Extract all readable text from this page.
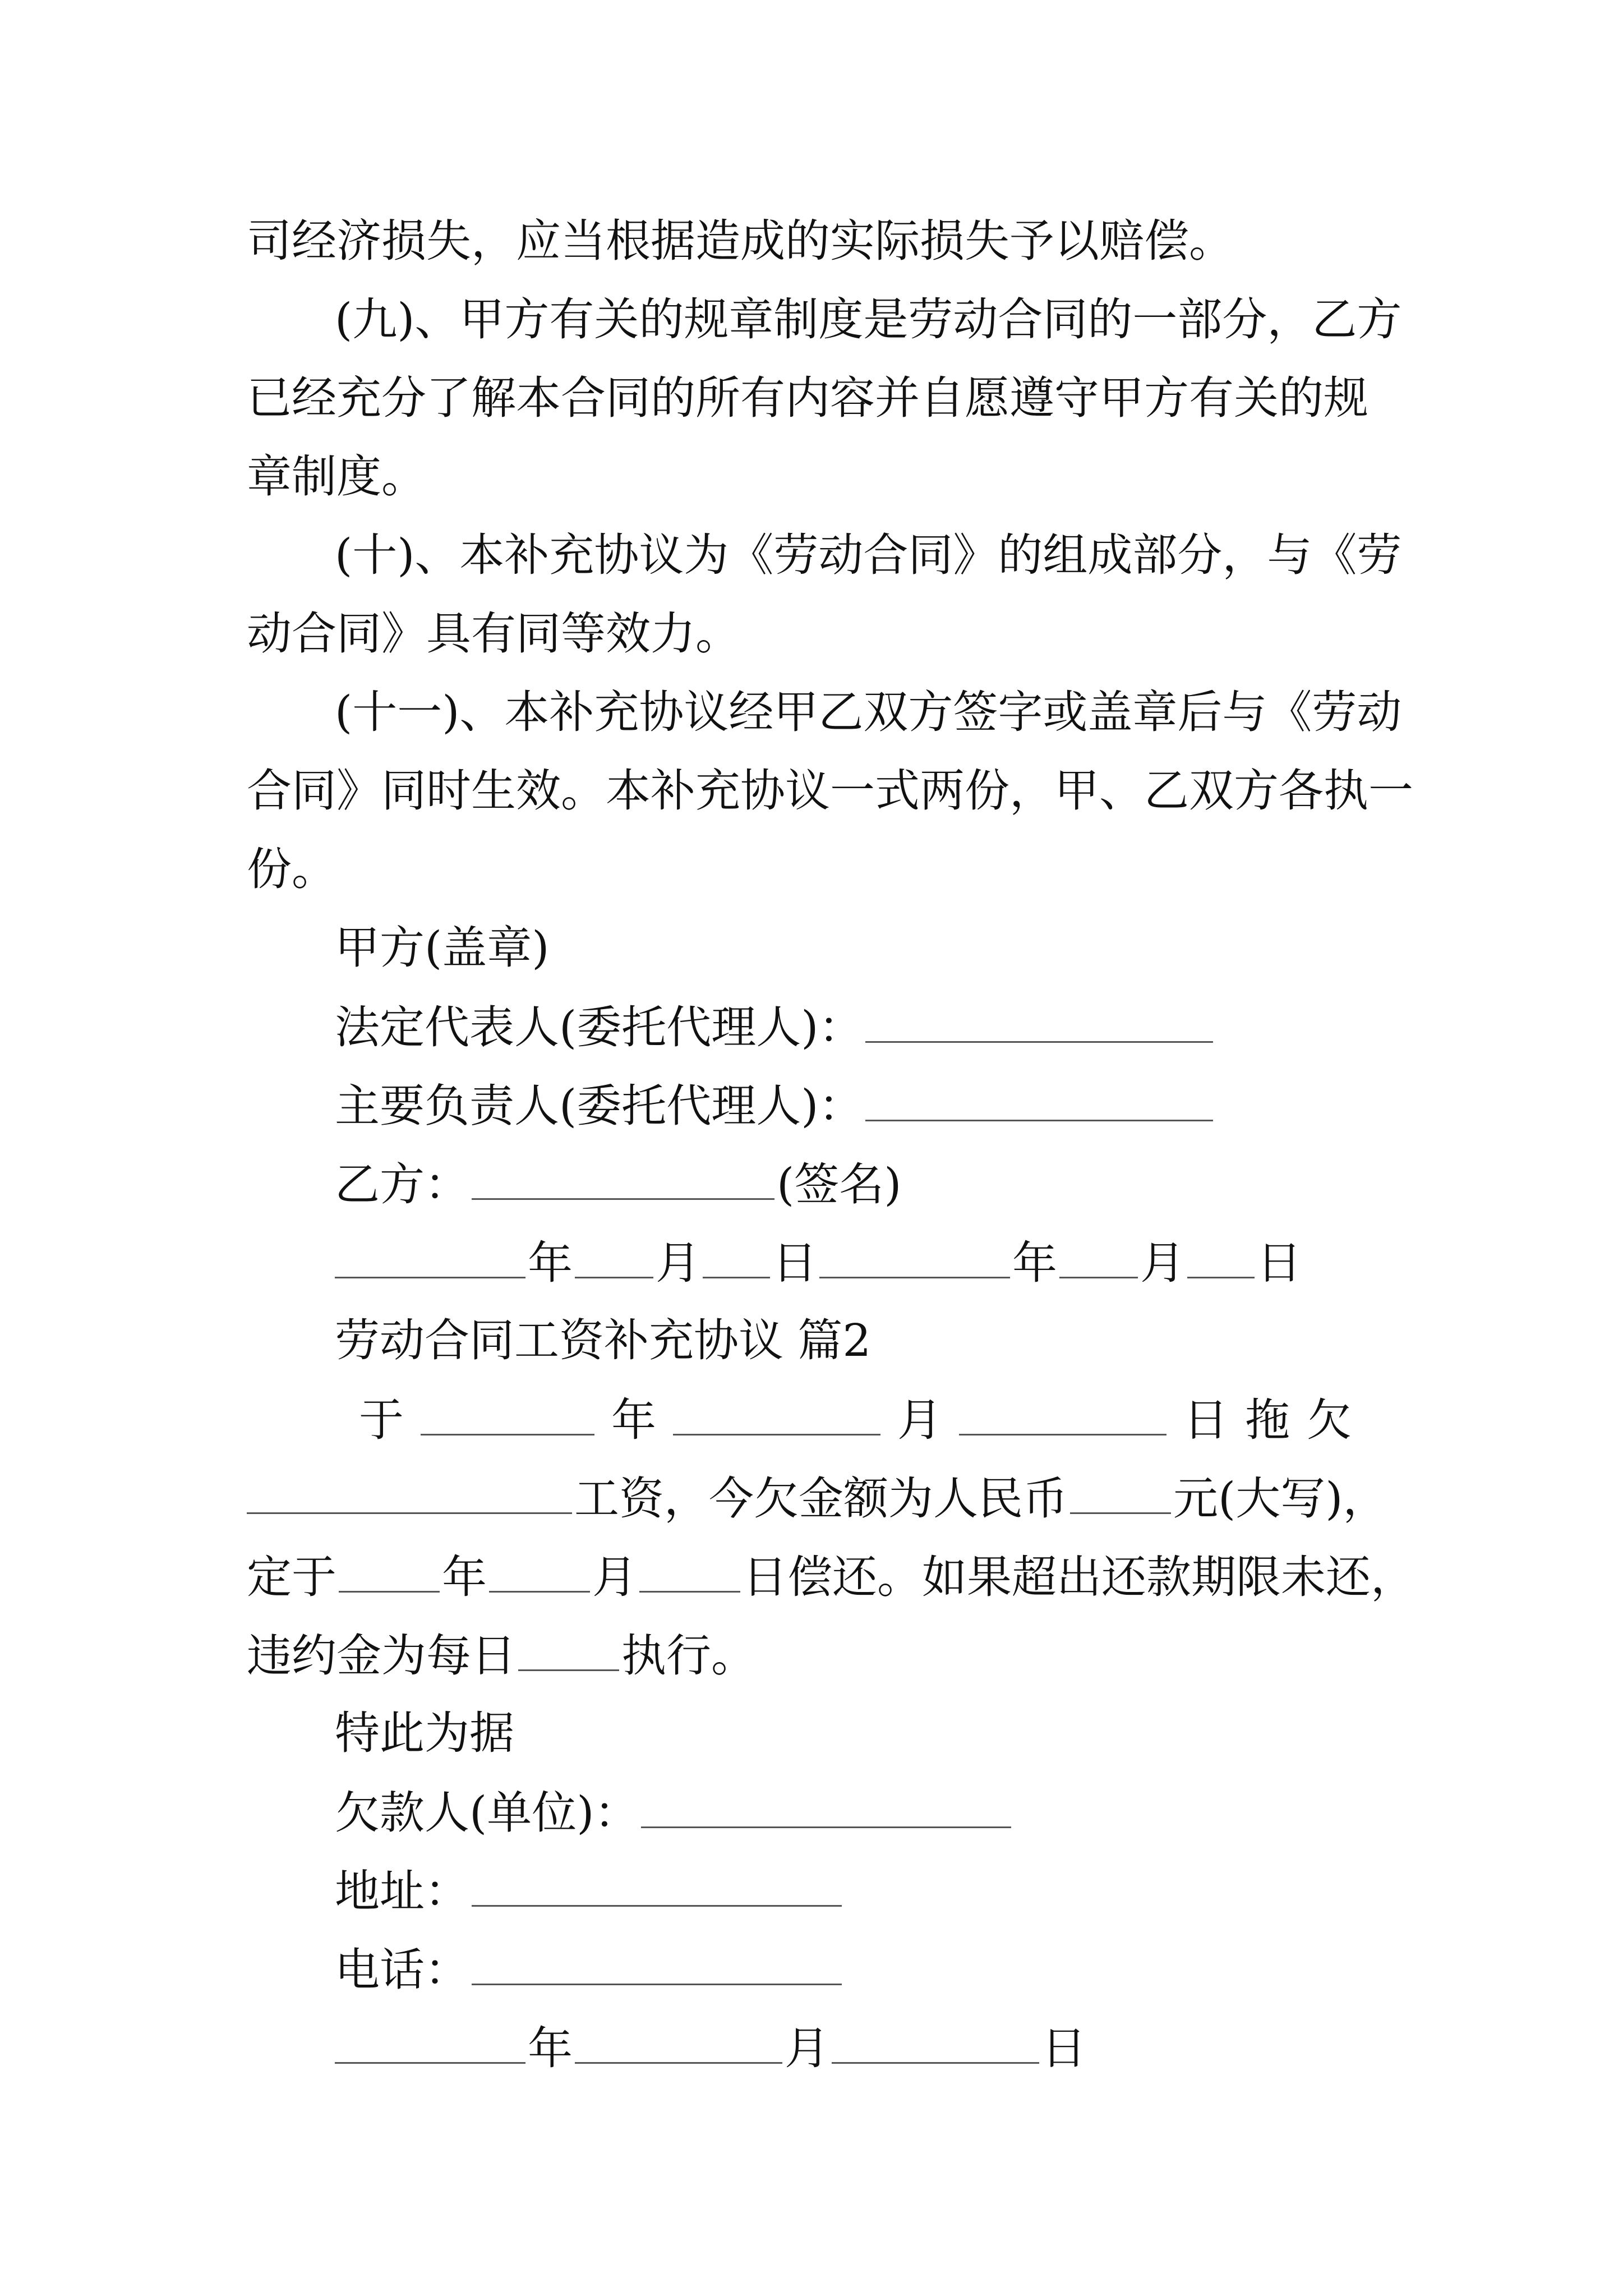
司经济损失，应当根据造成的实际损失予以赔偿。
(九)、甲方有关的规章制度是劳动合同的一部分，乙方
已经充分了解本合同的所有内容并自愿遵守甲方有关的规
章制度。
(十)、本补充协议为《劳动合同》的组成部分，与《劳
动合同》具有同等效力。
(十一)、本补充协议经甲乙双方签字或盖章后与《劳动
合同》同时生效。本补充协议一式两份，甲、乙双方各执一
份。
甲方(盖章)
法定代表人(委托代理人)：
主要负责人(委托代理人)：
乙方：	(签名)
年 月 日	年 月 日
劳动合同工资补充协议 篇2
于	年	月	日拖欠
工资，今欠金额为人民币 元(大写)，
定于 年 月 日偿还。如果超出还款期限未还，
违约金为每日 执行。
特此为据
欠款人(单位)：
地址：
电话：
年	月	日
